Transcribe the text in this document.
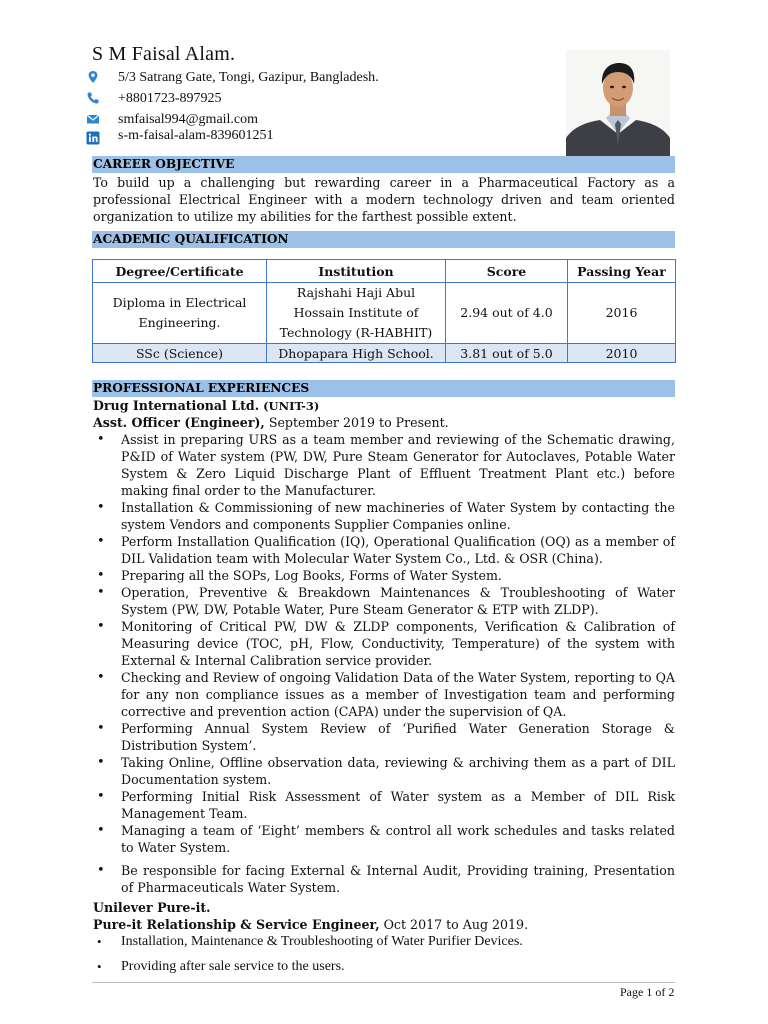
S M Faisal Alam.
5/3 Satrang Gate, Tongi, Gazipur, Bangladesh.
+8801723-897925
smfaisal994@gmail.com
s-m-faisal-alam-839601251
CAREER OBJECTIVE
To build up a challenging but rewarding career in a Pharmaceutical Factory as a professional Electrical Engineer with a modern technology driven and team oriented organization to utilize my abilities for the farthest possible extent.
ACADEMIC QUALIFICATION
Degree/Certificate	Institution	Score	Passing Year
Diploma in Electrical Engineering.	Rajshahi Haji Abul Hossain Institute of Technology (R-HABHIT)	2.94 out of 4.0	2016
SSc (Science)	Dhopapara High School.	3.81 out of 5.0	2010
PROFESSIONAL EXPERIENCES
Drug International Ltd. (UNIT-3)
Asst. Officer (Engineer), September 2019 to Present.
• Assist in preparing URS as a team member and reviewing of the Schematic drawing, P&ID of Water system (PW, DW, Pure Steam Generator for Autoclaves, Potable Water System & Zero Liquid Discharge Plant of Effluent Treatment Plant etc.) before making final order to the Manufacturer.
• Installation & Commissioning of new machineries of Water System by contacting the system Vendors and components Supplier Companies online.
• Perform Installation Qualification (IQ), Operational Qualification (OQ) as a member of DIL Validation team with Molecular Water System Co., Ltd. & OSR (China).
• Preparing all the SOPs, Log Books, Forms of Water System.
• Operation, Preventive & Breakdown Maintenances & Troubleshooting of Water System (PW, DW, Potable Water, Pure Steam Generator & ETP with ZLDP).
• Monitoring of Critical PW, DW & ZLDP components, Verification & Calibration of Measuring device (TOC, pH, Flow, Conductivity, Temperature) of the system with External & Internal Calibration service provider.
• Checking and Review of ongoing Validation Data of the Water System, reporting to QA for any non compliance issues as a member of Investigation team and performing corrective and prevention action (CAPA) under the supervision of QA.
• Performing Annual System Review of ‘Purified Water Generation Storage & Distribution System’.
• Taking Online, Offline observation data, reviewing & archiving them as a part of DIL Documentation system.
• Performing Initial Risk Assessment of Water system as a Member of DIL Risk Management Team.
• Managing a team of ‘Eight’ members & control all work schedules and tasks related to Water System.
• Be responsible for facing External & Internal Audit, Providing training, Presentation of Pharmaceuticals Water System.
Unilever Pure-it.
Pure-it Relationship & Service Engineer, Oct 2017 to Aug 2019.
• Installation, Maintenance & Troubleshooting of Water Purifier Devices.
• Providing after sale service to the users.
Page 1 of 2
